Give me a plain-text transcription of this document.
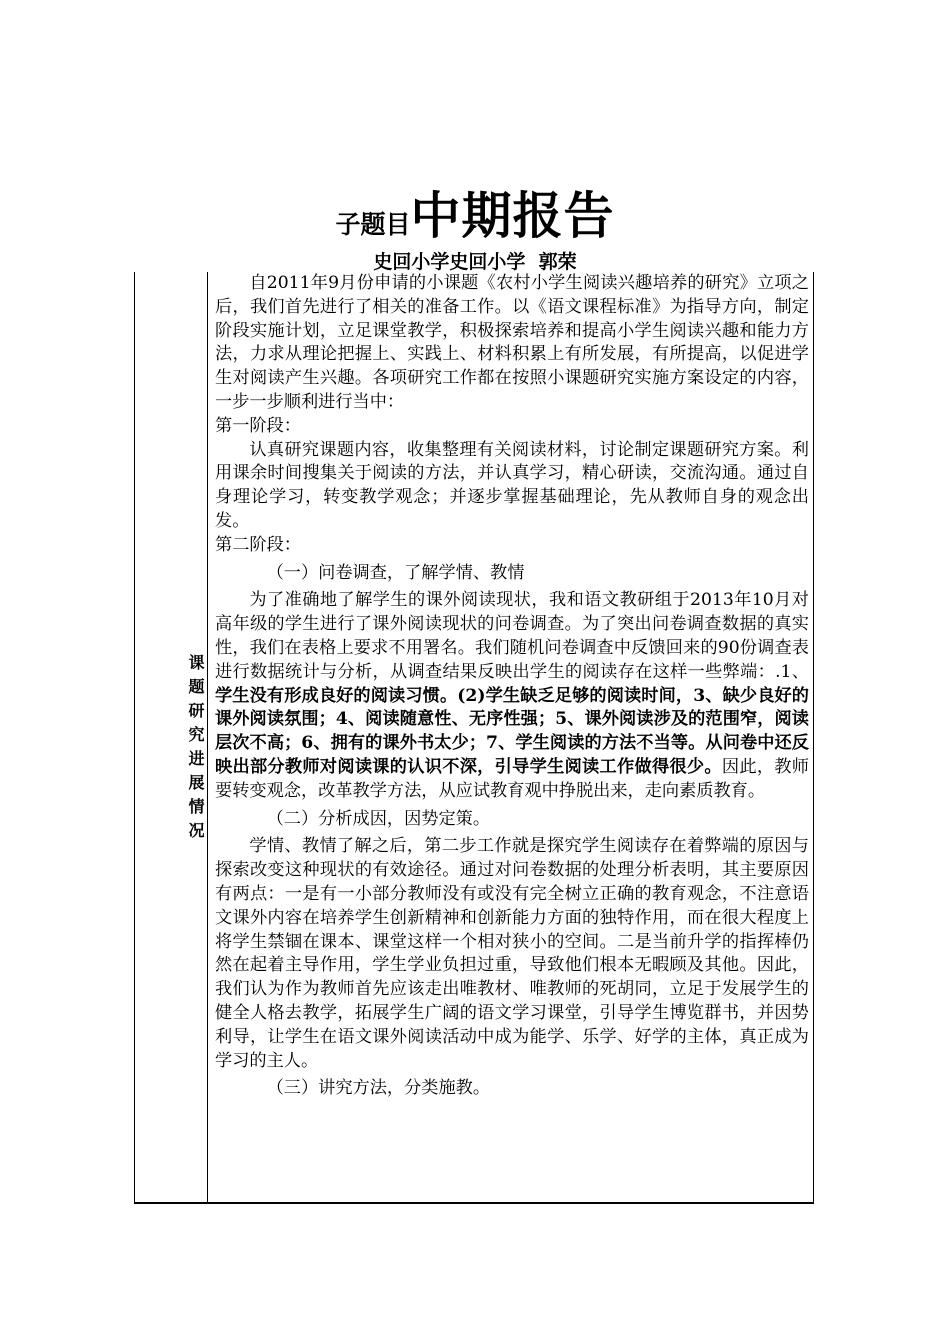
子题目中期报告
史回小学史回小学  郭荣
课题研究进展情况

自2011年9月份申请的小课题《农村小学生阅读兴趣培养的研究》立项之后，我们首先进行了相关的准备工作。以《语文课程标准》为指导方向，制定阶段实施计划，立足课堂教学，积极探索培养和提高小学生阅读兴趣和能力方法，力求从理论把握上、实践上、材料积累上有所发展，有所提高，以促进学生对阅读产生兴趣。各项研究工作都在按照小课题研究实施方案设定的内容，一步一步顺利进行当中：

第一阶段：

认真研究课题内容，收集整理有关阅读材料，讨论制定课题研究方案。利用课余时间搜集关于阅读的方法，并认真学习，精心研读，交流沟通。通过自身理论学习，转变教学观念；并逐步掌握基础理论，先从教师自身的观念出发。

第二阶段：

（一）问卷调查，了解学情、教情

为了准确地了解学生的课外阅读现状，我和语文教研组于2013年10月对高年级的学生进行了课外阅读现状的问卷调查。为了突出问卷调查数据的真实性，我们在表格上要求不用署名。我们随机问卷调查中反馈回来的90份调查表进行数据统计与分析，从调查结果反映出学生的阅读存在这样一些弊端：.1、学生没有形成良好的阅读习惯。(2)学生缺乏足够的阅读时间，3、缺少良好的课外阅读氛围；4、阅读随意性、无序性强；5、课外阅读涉及的范围窄，阅读层次不高；6、拥有的课外书太少；7、学生阅读的方法不当等。从问卷中还反映出部分教师对阅读课的认识不深，引导学生阅读工作做得很少。因此，教师要转变观念，改革教学方法，从应试教育观中挣脱出来，走向素质教育。

（二）分析成因，因势定策。

学情、教情了解之后，第二步工作就是探究学生阅读存在着弊端的原因与探索改变这种现状的有效途径。通过对问卷数据的处理分析表明，其主要原因有两点：一是有一小部分教师没有或没有完全树立正确的教育观念，不注意语文课外内容在培养学生创新精神和创新能力方面的独特作用，而在很大程度上将学生禁锢在课本、课堂这样一个相对狭小的空间。二是当前升学的指挥棒仍然在起着主导作用，学生学业负担过重，导致他们根本无暇顾及其他。因此，我们认为作为教师首先应该走出唯教材、唯教师的死胡同，立足于发展学生的健全人格去教学，拓展学生广阔的语文学习课堂，引导学生博览群书，并因势利导，让学生在语文课外阅读活动中成为能学、乐学、好学的主体，真正成为学习的主人。

（三）讲究方法，分类施教。
